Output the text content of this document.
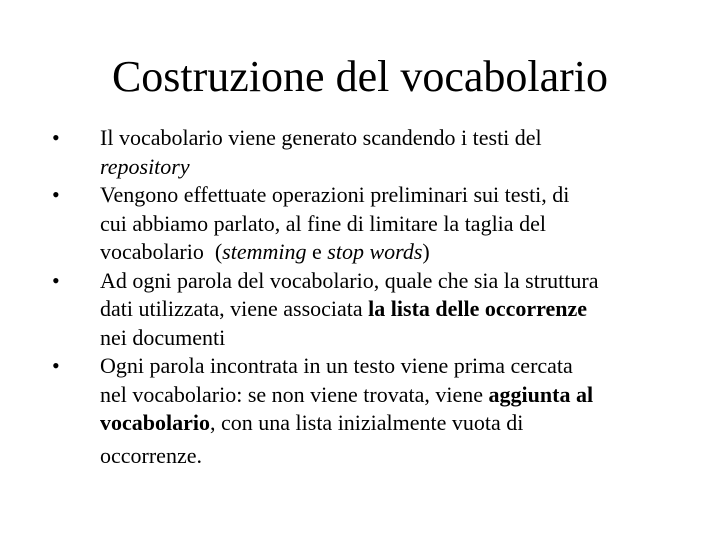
Costruzione del vocabolario
• Il vocabolario viene generato scandendo i testi del
repository
• Vengono effettuate operazioni preliminari sui testi, di
cui abbiamo parlato, al fine di limitare la taglia del
vocabolario  (stemming e stop words)
• Ad ogni parola del vocabolario, quale che sia la struttura
dati utilizzata, viene associata la lista delle occorrenze
nei documenti
• Ogni parola incontrata in un testo viene prima cercata
nel vocabolario: se non viene trovata, viene aggiunta al
vocabolario, con una lista inizialmente vuota di
occorrenze.
